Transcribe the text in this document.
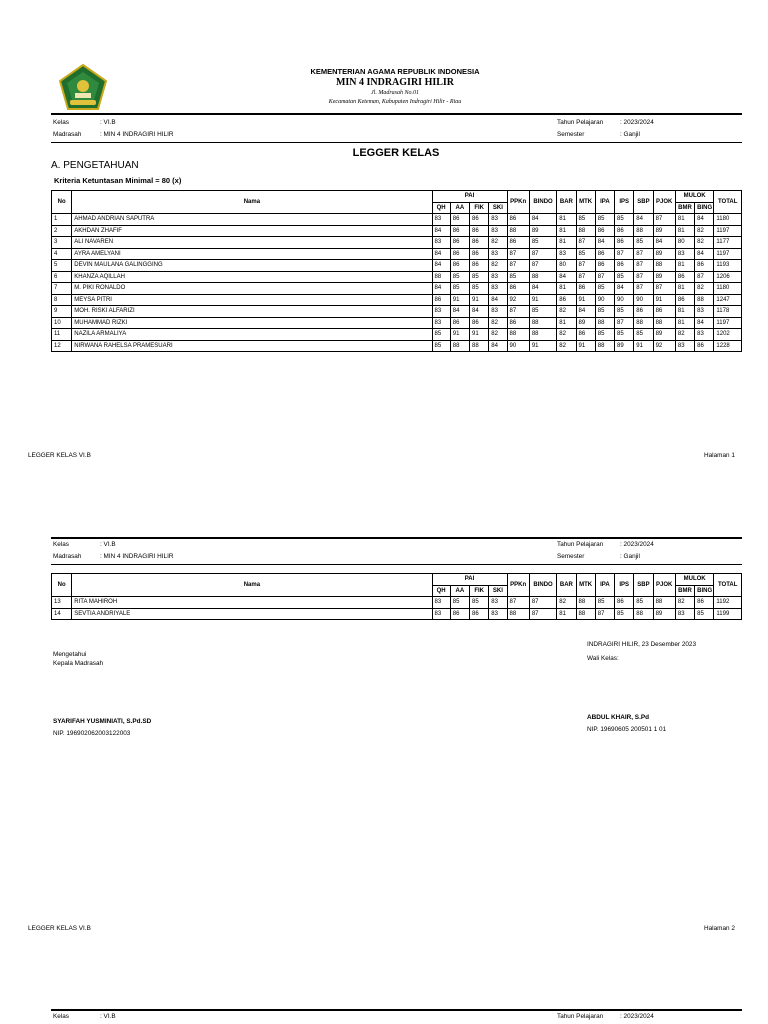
KEMENTERIAN AGAMA REPUBLIK INDONESIA
MIN 4 INDRAGIRI HILIR
Jl. Madrasah No.01
Kecamatan Keteman, Kabupaten Indragiri Hilir - Riau
Kelas	: VI.B
Madrasah	: MIN 4 INDRAGIRI HILIR
Tahun Pelajaran	: 2023/2024
Semester	: Ganjil
LEGGER KELAS
A. PENGETAHUAN
Kriteria Ketuntasan Minimal = 80 (x)
No	Nama	PAI				PPKn	BINDO	BAR	MTK	IPA	IPS	SBP	PJOK	MULOK		TOTAL
		QH	AA	FIK	SKI									BMR	BING	
1	AHMAD ANDRIAN SAPUTRA	83	86	86	83	86	84	81	85	85	85	84	87	81	84	1180
2	AKHDAN ZHAFIF	84	86	86	83	88	89	81	88	86	86	88	89	81	82	1197
3	ALI NAVAREN	83	86	86	82	86	85	81	87	84	86	85	84	80	82	1177
4	AYRA AMELYANI	84	86	86	83	87	87	83	85	86	87	87	89	83	84	1197
5	DEVIN MAULANA GALINGGING	84	86	86	82	87	87	80	87	86	86	87	88	81	86	1193
6	KHANZA AQILLAH	88	85	85	83	85	88	84	87	87	85	87	89	86	87	1206
7	M. PIKI RONALDO	84	85	85	83	86	84	81	86	85	84	87	87	81	82	1180
8	MEYSA PITRI	86	91	91	84	92	91	86	91	90	90	90	91	86	88	1247
9	MOH. RISKI ALFARIZI	83	84	84	83	87	85	82	84	85	85	86	86	81	83	1178
10	MUHAMMAD RIZKI	83	86	86	82	86	88	81	89	88	87	88	88	81	84	1197
11	NAZILA ARMALIYA	85	91	91	82	88	88	82	86	85	85	85	89	82	83	1202
12	NIRWANA RAHELSA PRAMESUARI	85	88	88	84	90	91	82	91	88	89	91	92	83	86	1228
LEGGER KELAS VI.B	Halaman 1
Kelas	: VI.B
Madrasah	: MIN 4 INDRAGIRI HILIR
Tahun Pelajaran	: 2023/2024
Semester	: Ganjil
No	Nama	PAI				PPKn	BINDO	BAR	MTK	IPA	IPS	SBP	PJOK	MULOK		TOTAL
		QH	AA	FIK	SKI									BMR	BING	
13	RITA MAHIROH	83	85	85	83	87	87	82	88	85	86	85	88	82	86	1192
14	SEVTIA ANDRIYALE	83	86	86	83	88	87	81	88	87	85	88	89	83	85	1199
INDRAGIRI HILIR, 23 Desember 2023
Wali Kelas:
Mengetahui
Kepala Madrasah
SYARIFAH YUSMINIATI, S.Pd.SD
NIP. 196902062003122003
ABDUL KHAIR, S.Pd
NIP. 19690605 200501 1 01
LEGGER KELAS VI.B	Halaman 2
Kelas	: VI.B	Tahun Pelajaran	: 2023/2024
